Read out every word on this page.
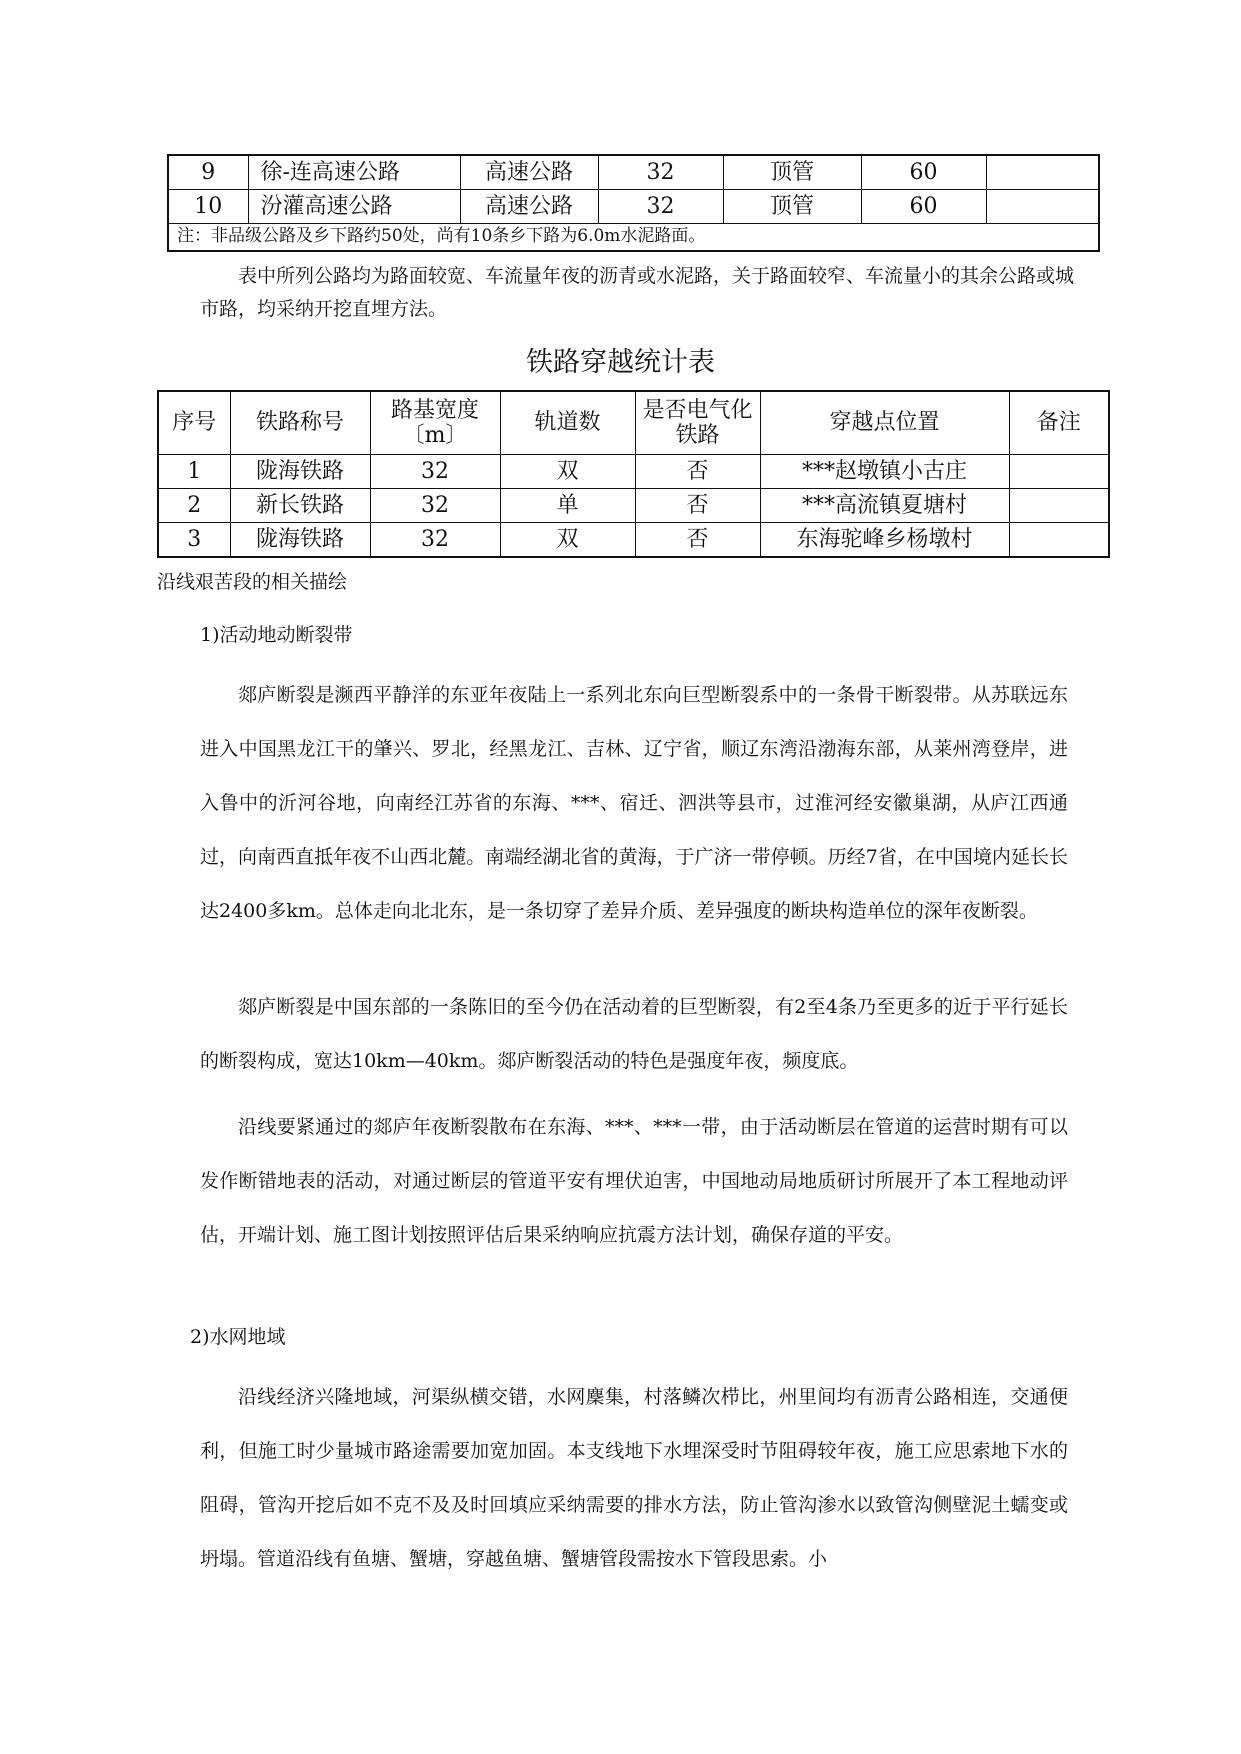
9	徐-连高速公路	高速公路	32	顶管	60	
10	汾灌高速公路	高速公路	32	顶管	60	
注：非品级公路及乡下路约50处，尚有10条乡下路为6.0m水泥路面。						
表中所列公路均为路面较宽、车流量年夜的沥青或水泥路，关于路面较窄、车流量小的其余公路或城市路，均采纳开挖直埋方法。
铁路穿越统计表
序号	铁路称号	路基宽度〔m〕	轨道数	是否电气化铁路	穿越点位置	备注
1	陇海铁路	32	双	否	***赵墩镇小古庄	
2	新长铁路	32	单	否	***高流镇夏塘村	
3	陇海铁路	32	双	否	东海驼峰乡杨墩村	
沿线艰苦段的相关描绘
1)活动地动断裂带
郯庐断裂是濒西平静洋的东亚年夜陆上一系列北东向巨型断裂系中的一条骨干断裂带。从苏联远东进入中国黑龙江干的肇兴、罗北，经黑龙江、吉林、辽宁省，顺辽东湾沿渤海东部，从莱州湾登岸，进入鲁中的沂河谷地，向南经江苏省的东海、***、宿迁、泗洪等县市，过淮河经安徽巢湖，从庐江西通过，向南西直抵年夜不山西北麓。南端经湖北省的黄海，于广济一带停顿。历经7省，在中国境内延长长达2400多km。总体走向北北东，是一条切穿了差异介质、差异强度的断块构造单位的深年夜断裂。
郯庐断裂是中国东部的一条陈旧的至今仍在活动着的巨型断裂，有2至4条乃至更多的近于平行延长的断裂构成，宽达10km—40km。郯庐断裂活动的特色是强度年夜，频度底。
沿线要紧通过的郯庐年夜断裂散布在东海、***、***一带，由于活动断层在管道的运营时期有可以发作断错地表的活动，对通过断层的管道平安有埋伏迫害，中国地动局地质研讨所展开了本工程地动评估，开端计划、施工图计划按照评估后果采纳响应抗震方法计划，确保存道的平安。
2)水网地域
沿线经济兴隆地域，河渠纵横交错，水网麇集，村落鳞次栉比，州里间均有沥青公路相连，交通便利，但施工时少量城市路途需要加宽加固。本支线地下水埋深受时节阻碍较年夜，施工应思索地下水的阻碍，管沟开挖后如不克不及及时回填应采纳需要的排水方法，防止管沟渗水以致管沟侧壁泥土蠕变或坍塌。管道沿线有鱼塘、蟹塘，穿越鱼塘、蟹塘管段需按水下管段思索。小
